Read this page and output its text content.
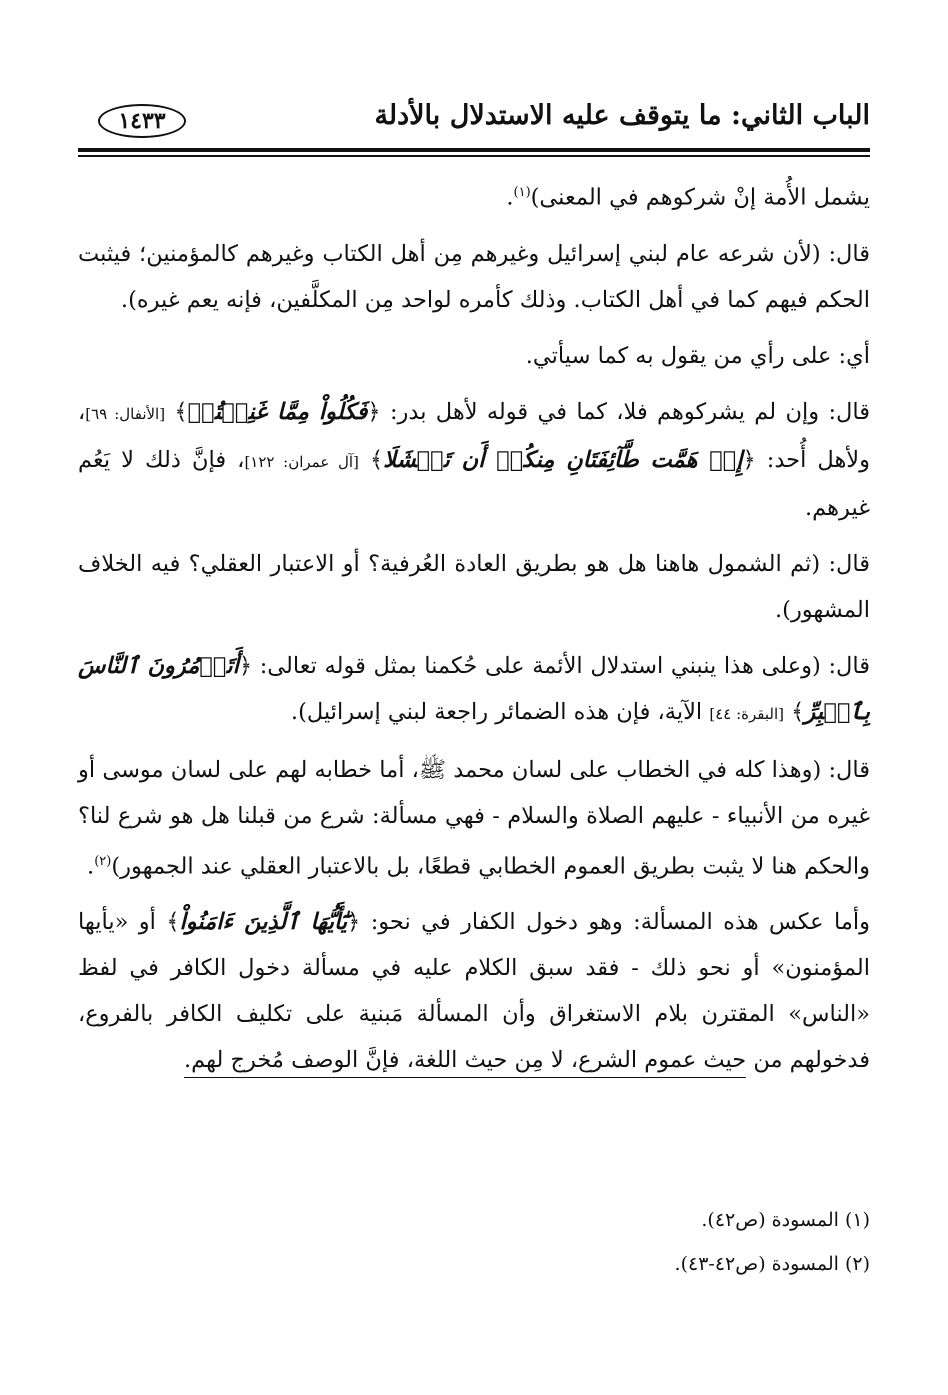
الباب الثاني: ما يتوقف عليه الاستدلال بالأدلة
١٤٣٣

يشمل الأُمة إنْ شركوهم في المعنى)$^{(١)}$.

قال: (لأن شرعه عام لبني إسرائيل وغيرهم مِن أهل الكتاب وغيرهم كالمؤمنين؛ فيثبت الحكم فيهم كما في أهل الكتاب. وذلك كأمره لواحد مِن المكلَّفين، فإنه يعم غيره).

أي: على رأي من يقول به كما سيأتي.

قال: وإن لم يشركوهم فلا، كما في قوله لأهل بدر: ﴿فَكُلُواْ مِمَّا غَنِمۡتُمۡ﴾ [الأنفال: ٦٩]، ولأهل أُحد: ﴿إِذۡ هَمَّت طَّآئِفَتَانِ مِنكُمۡ أَن تَفۡشَلَا﴾ [آل عمران: ١٢٢]، فإنَّ ذلك لا يَعُم غيرهم.

قال: (ثم الشمول هاهنا هل هو بطريق العادة العُرفية؟ أو الاعتبار العقلي؟ فيه الخلاف المشهور).

قال: (وعلى هذا ينبني استدلال الأئمة على حُكمنا بمثل قوله تعالى: ﴿أَتَأۡمُرُونَ ٱلنَّاسَ بِٱلۡبِرِّ﴾ [البقرة: ٤٤] الآية، فإن هذه الضمائر راجعة لبني إسرائيل).

قال: (وهذا كله في الخطاب على لسان محمد ﷺ، أما خطابه لهم على لسان موسى أو غيره من الأنبياء - عليهم الصلاة والسلام - فهي مسألة: شرع من قبلنا هل هو شرع لنا؟ والحكم هنا لا يثبت بطريق العموم الخطابي قطعًا، بل بالاعتبار العقلي عند الجمهور)$^{(٢)}$.

وأما عكس هذه المسألة: وهو دخول الكفار في نحو: ﴿يَٰٓأَيُّهَا ٱلَّذِينَ ءَامَنُواْ﴾ أو «يأيها المؤمنون» أو نحو ذلك - فقد سبق الكلام عليه في مسألة دخول الكافر في لفظ «الناس» المقترن بلام الاستغراق وأن المسألة مَبنية على تكليف الكافر بالفروع، فدخولهم من حيث عموم الشرع، لا مِن حيث اللغة، فإنَّ الوصف مُخرج لهم.

(١) المسودة (ص٤٢).
(٢) المسودة (ص٤٢-٤٣).
